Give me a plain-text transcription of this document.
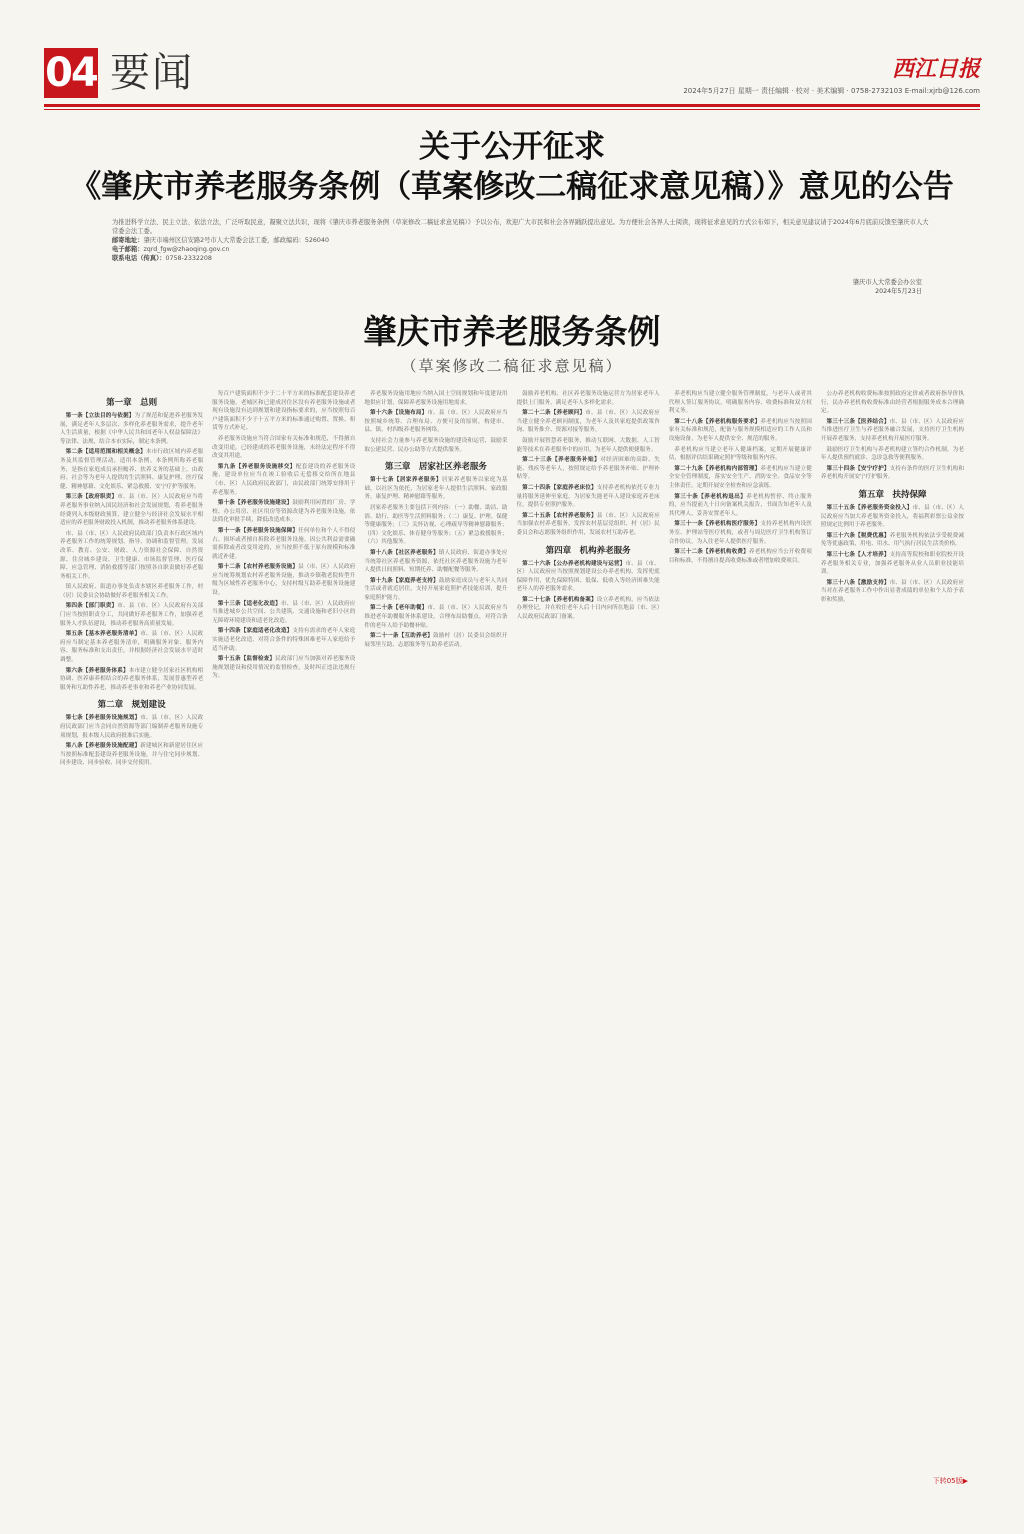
04 要闻	西江日报
2024年5月27日 星期一 责任编辑 · 校对 · 美术编辑 · 0758-2732103 E-mail:xjrb@126.com
关于公开征求
《肇庆市养老服务条例（草案修改二稿征求意见稿）》意见的公告
为推进科学立法、民主立法、依法立法，广泛听取民意，凝聚立法共识，现将《肇庆市养老服务条例（草案修改二稿征求意见稿）》予以公布，欢迎广大市民和社会各界踊跃提出意见。为方便社会各界人士阅读，现将征求意见的方式公布如下，相关意见建议请于2024年6月底前反馈至肇庆市人大常委会法工委。
邮寄地址：肇庆市端州区信安路2号市人大常委会法工委，邮政编码：526040
电子邮箱：zqrd_fgw@zhaoqing.gov.cn
联系电话（传真）：0758-2332208
肇庆市人大常委会办公室
2024年5月23日
肇庆市养老服务条例
（草案修改二稿征求意见稿）
第一章　总则

第一条【立法目的与依据】为了规范和促进养老服务发展，满足老年人多层次、多样化养老服务需求，提升老年人生活质量，根据《中华人民共和国老年人权益保障法》等法律、法规，结合本市实际，制定本条例。

第二条【适用范围和相关概念】本市行政区域内养老服务及其监督管理活动，适用本条例。本条例所称养老服务，是指在家庭成员承担赡养、扶养义务的基础上，由政府、社会等为老年人提供的生活照料、康复护理、医疗保健、精神慰藉、文化娱乐、紧急救援、安宁疗护等服务。

第三条【政府职责】市、县（市、区）人民政府应当将养老服务事业纳入国民经济和社会发展规划，将养老服务经费列入本级财政预算，建立健全与经济社会发展水平相适应的养老服务财政投入机制，推动养老服务体系建设。

市、县（市、区）人民政府民政部门负责本行政区域内养老服务工作的统筹规划、指导、协调和监督管理。发展改革、教育、公安、财政、人力资源社会保障、自然资源、住房城乡建设、卫生健康、市场监督管理、医疗保障、应急管理、消防救援等部门按照各自职责做好养老服务相关工作。

镇人民政府、街道办事处负责本辖区养老服务工作，村（居）民委员会协助做好养老服务相关工作。

第四条【部门职责】市、县（市、区）人民政府有关部门应当按照职责分工，共同做好养老服务工作，加强养老服务人才队伍建设，推动养老服务高质量发展。

第五条【基本养老服务清单】市、县（市、区）人民政府应当制定基本养老服务清单，明确服务对象、服务内容、服务标准和支出责任，并根据经济社会发展水平适时调整。

第六条【养老服务体系】本市建立健全居家社区机构相协调、医养康养相结合的养老服务体系，发展普惠型养老服务和互助性养老，推动养老事业和养老产业协同发展。

第二章　规划建设

第七条【养老服务设施规划】市、县（市、区）人民政府民政部门应当会同自然资源等部门编制养老服务设施专项规划，报本级人民政府批准后实施。

第八条【养老服务设施配建】新建城区和新建居住区应当按照标准配套建设养老服务设施，并与住宅同步规划、同步建设、同步验收、同步交付使用。

每百户建筑面积不少于二十平方米的标准配套建设养老服务设施，老城区和已建成居住区没有养老服务设施或者现有设施没有达到规划和建设指标要求的，应当按照每百户建筑面积不少于十五平方米的标准通过购置、置换、租赁等方式补足。

养老服务设施应当符合国家有关标准和规范，不得擅自改变用途。已经建成的养老服务设施，未经法定程序不得改变其用途。

第九条【养老服务设施移交】配套建设的养老服务设施，建设单位应当在竣工验收后无偿移交给所在地县（市、区）人民政府民政部门，由民政部门统筹安排用于养老服务。

第十条【养老服务设施建设】鼓励利用闲置的厂房、学校、办公用房、社区用房等资源改建为养老服务设施，依法简化审批手续，降低改造成本。

第十一条【养老服务设施保障】任何单位和个人不得侵占、损坏或者擅自拆除养老服务设施。因公共利益需要确需拆除或者改变用途的，应当按照不低于原有规模和标准就近补建。

第十二条【农村养老服务设施】县（市、区）人民政府应当统筹规划农村养老服务设施，推动乡镇敬老院转型升级为区域性养老服务中心，支持村级互助养老服务设施建设。

第十三条【适老化改造】市、县（市、区）人民政府应当推进城乡公共空间、公共建筑、交通设施和老旧小区的无障碍环境建设和适老化改造。

第十四条【家庭适老化改造】支持有需求的老年人家庭实施适老化改造，对符合条件的特殊困难老年人家庭给予适当补助。

第十五条【监督检查】民政部门应当加强对养老服务设施规划建设和使用情况的监督检查，及时纠正违法违规行为。

养老服务设施用地应当纳入国土空间规划和年度建设用地供应计划，保障养老服务设施用地需求。

第十六条【设施布局】市、县（市、区）人民政府应当按照城乡统筹、合理布局、方便可及的原则，构建市、县、镇、村四级养老服务网络。

支持社会力量参与养老服务设施的建设和运营，鼓励采取公建民营、民办公助等方式提供服务。

第三章　居家社区养老服务

第十七条【居家养老服务】居家养老服务以家庭为基础，以社区为依托，为居家老年人提供生活照料、家政服务、康复护理、精神慰藉等服务。

居家养老服务主要包括下列内容：（一）助餐、助洁、助浴、助行、助医等生活照料服务；（二）康复、护理、保健等健康服务；（三）关怀访视、心理疏导等精神慰藉服务；（四）文化娱乐、体育健身等服务；（五）紧急救援服务；（六）其他服务。

第十八条【社区养老服务】镇人民政府、街道办事处应当统筹社区养老服务资源，依托社区养老服务设施为老年人提供日间照料、短期托养、助餐配餐等服务。

第十九条【家庭养老支持】鼓励家庭成员与老年人共同生活或者就近居住，支持开展家庭照护者技能培训，提升家庭照护能力。

第二十条【老年助餐】市、县（市、区）人民政府应当推进老年助餐服务体系建设，合理布局助餐点，对符合条件的老年人给予助餐补贴。

第二十一条【互助养老】鼓励村（居）民委员会组织开展邻里互助、志愿服务等互助养老活动。

鼓励养老机构、社区养老服务设施运营方为居家老年人提供上门服务，满足老年人多样化需求。

第二十二条【养老顾问】市、县（市、区）人民政府应当建立健全养老顾问制度，为老年人及其家庭提供政策咨询、服务推介、资源对接等服务。

鼓励开展智慧养老服务，推动互联网、大数据、人工智能等技术在养老服务中的应用，为老年人提供便捷服务。

第二十三条【养老服务补贴】对经济困难的高龄、失能、残疾等老年人，按照规定给予养老服务补贴、护理补贴等。

第二十四条【家庭养老床位】支持养老机构依托专业力量将服务延伸至家庭，为居家失能老年人建设家庭养老床位，提供专业照护服务。

第二十五条【农村养老服务】县（市、区）人民政府应当加强农村养老服务，发挥农村基层党组织、村（居）民委员会和志愿服务组织作用，发展农村互助养老。

第四章　机构养老服务

第二十六条【公办养老机构建设与运营】市、县（市、区）人民政府应当按照规划建设公办养老机构，发挥兜底保障作用，优先保障特困、低保、低收入等经济困难失能老年人的养老服务需求。

第二十七条【养老机构备案】设立养老机构，应当依法办理登记，并在收住老年人后十日内向所在地县（市、区）人民政府民政部门备案。

养老机构应当建立健全服务管理制度，与老年人或者其代理人签订服务协议，明确服务内容、收费标准和双方权利义务。

第二十八条【养老机构服务要求】养老机构应当按照国家有关标准和规范，配备与服务规模相适应的工作人员和设施设备，为老年人提供安全、规范的服务。

养老机构应当建立老年人健康档案，定期开展健康评估，根据评估结果确定照护等级和服务内容。

第二十九条【养老机构内部管理】养老机构应当建立健全安全管理制度，落实安全生产、消防安全、食品安全等主体责任，定期开展安全检查和应急演练。

第三十条【养老机构退出】养老机构暂停、终止服务的，应当提前九十日向备案机关报告，书面告知老年人及其代理人，妥善安置老年人。

第三十一条【养老机构医疗服务】支持养老机构内设医务室、护理站等医疗机构，或者与周边医疗卫生机构签订合作协议，为入住老年人提供医疗服务。

第三十二条【养老机构收费】养老机构应当公开收费项目和标准，不得擅自提高收费标准或者增加收费项目。

公办养老机构收费标准按照政府定价或者政府指导价执行，民办养老机构收费标准由经营者根据服务成本合理确定。

第三十三条【医养结合】市、县（市、区）人民政府应当推进医疗卫生与养老服务融合发展，支持医疗卫生机构开展养老服务，支持养老机构开展医疗服务。

鼓励医疗卫生机构与养老机构建立签约合作机制，为老年人提供预约就诊、急诊急救等便利服务。

第三十四条【安宁疗护】支持有条件的医疗卫生机构和养老机构开展安宁疗护服务。

第五章　扶持保障

第三十五条【养老服务资金投入】市、县（市、区）人民政府应当加大养老服务资金投入，将福利彩票公益金按照规定比例用于养老服务。

第三十六条【税费优惠】养老服务机构依法享受税费减免等优惠政策，用电、用水、用气执行居民生活类价格。

第三十七条【人才培养】支持高等院校和职业院校开设养老服务相关专业，加强养老服务从业人员职业技能培训。

第三十八条【激励支持】市、县（市、区）人民政府应当对在养老服务工作中作出显著成绩的单位和个人给予表彰和奖励。

下转05版▶
